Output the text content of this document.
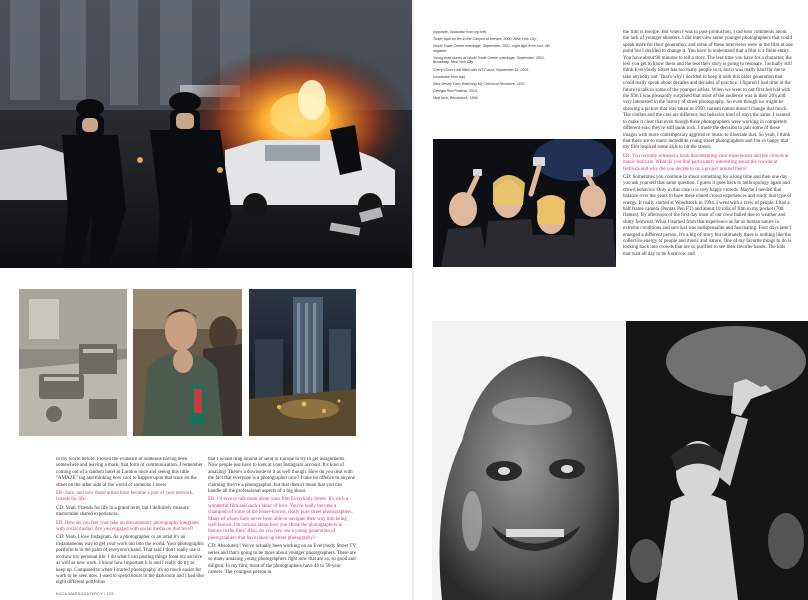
in my world before. I loved the evidence of someone having been somewhere and leaving a mark, that form of communication. I remember coming out of a random hotel in London once and seeing this little "AMAZE" tag and thinking how cool to happen upon that trace on the street on the other side of the world of someone I knew.

ER: Sure, and now those artists have become a part of your network, friends for life.

CD: Yeah. Friends for life in a grand term, but I definitely treasure memorable shared experiences.

ER: How do you feel your take on documentary photography integrates with social media? Are you engaged with social media on that level?

CD: Yeah, I love Instagram. As a photographer or an artist it's an instantaneous way to get your work out into the world. Your photographic portfolio is in the palm of everyone's hand. That said I don't really use it to show my personal life. I do what I can posting things from my archive as well as new work. I know how important it is and I really do try to keep up. Compared to when I started photography it's so much easier for work to be seen now. I used to spend hours in the darkroom and I had like eight different portfolios

that I would drag around or send to Europe to try to get assignments. Now people just have to look at your Instagram account. It's kind of amazing! There's a downside to it as well though. How do you deal with the fact that everyone is a photographer now? I take no offence to anyone claiming they're a photographer, but that doesn't mean that you can handle all the professional aspects of a big shoot.

ER: I'd love to talk more about your film Everybody Street. It's such a wonderful film and such a labor of love. You've really become a champion of some of the lesser-known, really pure street photographers. Many of whom have never been able to navigate their way into being well known. I'm curious about how you chose the photographers to feature in the film? Also, do you now see a young generation of photographers that have taken up street photography?

CD: Absolutely! We've actually been working on an Everybody Street TV series and that's going to be more about younger photographers. There are so many amazing young photographers right now that are so, so good and diligent. In my film, most of the photographers have 40 to 50-year careers. The youngest person in

RVCA.WARDOGATERCY / 103

(opposite, clockwise from top left)

Ticker tape on fire in the Canyon of Heroes, 2000, New York City.

World Trade Center wreckage, September, 2001, night light from roof, 4th negative

Young man stares at World Trade Center wreckage, September, 2001, Broadway, New York City.

Cheryl Dunn's loft filled with WTC dust, September 11, 2001.

(clockwise from top)

New Jersey Fans Watching My Chemical Romance, 2007.

Georgia Rod Festival, 2014.

Mud face, Woodstock, 1994.

the film is Boogie. But when I was in post-production, I did hear comments about the lack of younger shooters. I did interview some younger photographers that could speak more for their generation, and some of these interviews were in the film at one point but I decided to change it. You have to understand that a film is a finite entity. You have about 90 minutes to tell a story. The less time you have for a character, the less you get to know them and the less their story is going to resonate. I actually still think Everybody Street has too many people in it, but it was really hard for me to take anybody out. That's why I decided to keep it with this older generation that could really speak about decades and decades of practice. I figured I had time in the future to talk to some of the younger artists. When we went to our first festival with the film I was pleasantly surprised that most of the audience was in their 20's and very interested in the history of street photography. So even though we might be showing a picture that was taken in 1950, human nature doesn't change that much. The clothes and the cars are different, but behavior kind of stays the same. I wanted to make it clear that even though these photographers were working in completely different eras, they're still punk rock. I made the decision to pair some of these images with more contemporary aggressive music to illustrate that. So yeah, I think that there are so many incredible young street photographers and I'm so happy that my film inspired some kids to hit the streets.

ER: You recently released a book documenting your experiences and the crowds at music festivals. What do you find particularly interesting about the crowds at festivals and why did you decide to do a project around them?

CD: Sometimes you continue to shoot something for a long time and then one day you ask yourself that same question. I guess it goes back to anthropology again and crowd behavior. Only in this case it is very happy crowds. Maybe I needed that balance over the years to have these elated crowd experiences and study that type of energy. It really started at Woodstock in 1994. I went with a crew of people. I had a half frame camera (Pentax Pen FT) and about 10 rolls of film in my pocket (700 frames). By afternoon of the first day most of our crew bailed due to weather and shitty footwear. What I learned from that experience as far as human nature in extreme conditions and survival was indispensable and fascinating. Four days later I emerged a different person. It's a big ol' story but ultimately there is nothing like the collective energy of people and music and nature. One of my favorite things to do is looking back into crowds that are so purified to see their favorite bands. The kids that wait all day to be front row and
